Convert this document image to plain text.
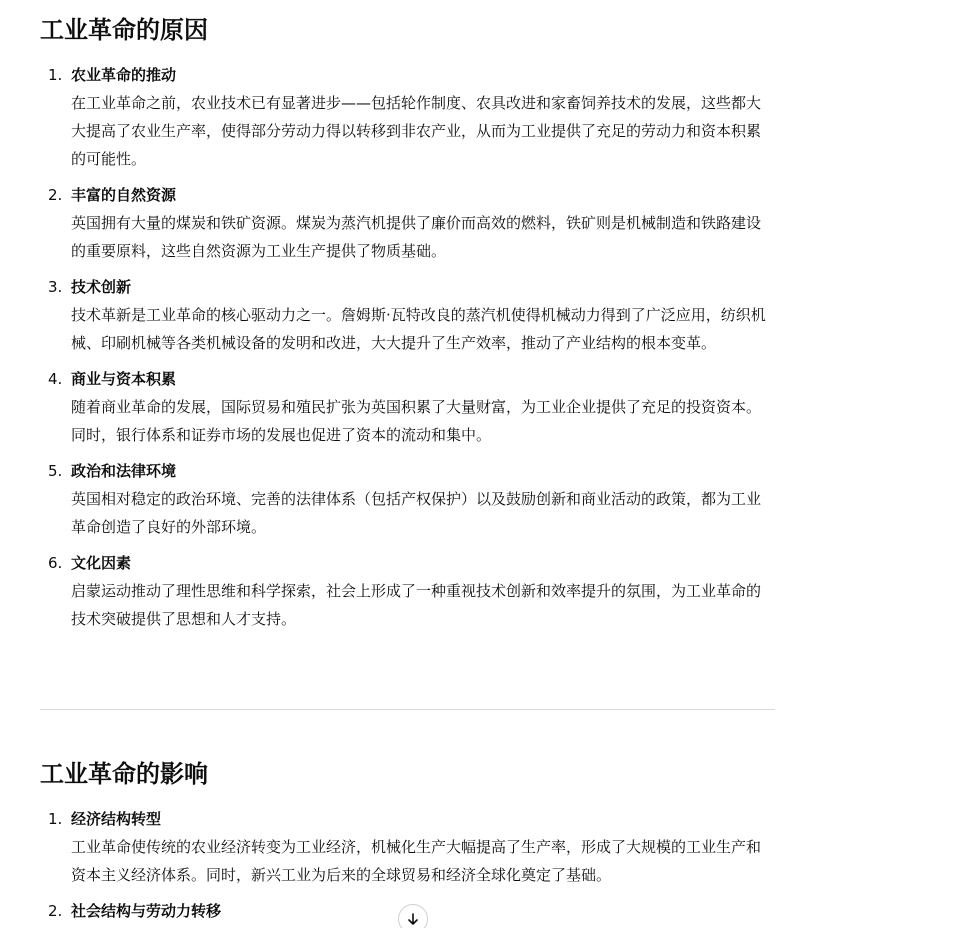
工业革命的原因
1. 农业革命的推动
在工业革命之前，农业技术已有显著进步——包括轮作制度、农具改进和家畜饲养技术的发展，这些都大大提高了农业生产率，使得部分劳动力得以转移到非农产业，从而为工业提供了充足的劳动力和资本积累的可能性。
2. 丰富的自然资源
英国拥有大量的煤炭和铁矿资源。煤炭为蒸汽机提供了廉价而高效的燃料，铁矿则是机械制造和铁路建设的重要原料，这些自然资源为工业生产提供了物质基础。
3. 技术创新
技术革新是工业革命的核心驱动力之一。詹姆斯·瓦特改良的蒸汽机使得机械动力得到了广泛应用，纺织机械、印刷机械等各类机械设备的发明和改进，大大提升了生产效率，推动了产业结构的根本变革。
4. 商业与资本积累
随着商业革命的发展，国际贸易和殖民扩张为英国积累了大量财富，为工业企业提供了充足的投资资本。同时，银行体系和证券市场的发展也促进了资本的流动和集中。
5. 政治和法律环境
英国相对稳定的政治环境、完善的法律体系（包括产权保护）以及鼓励创新和商业活动的政策，都为工业革命创造了良好的外部环境。
6. 文化因素
启蒙运动推动了理性思维和科学探索，社会上形成了一种重视技术创新和效率提升的氛围，为工业革命的技术突破提供了思想和人才支持。
工业革命的影响
1. 经济结构转型
工业革命使传统的农业经济转变为工业经济，机械化生产大幅提高了生产率，形成了大规模的工业生产和资本主义经济体系。同时，新兴工业为后来的全球贸易和经济全球化奠定了基础。
2. 社会结构与劳动力转移
